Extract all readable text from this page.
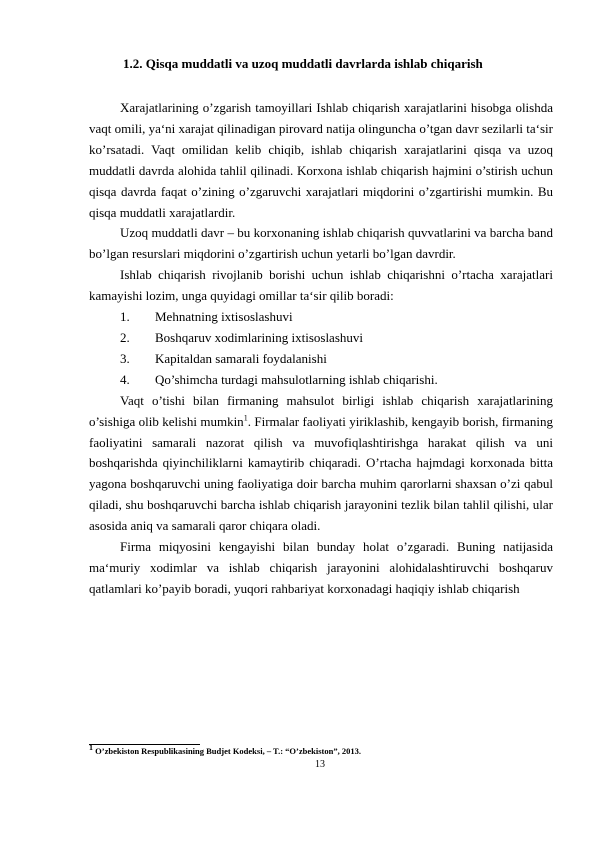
1.2. Qisqa muddatli va uzoq muddatli davrlarda ishlab chiqarish

Xarajatlarining o’zgarish tamoyillari Ishlab chiqarish xarajatlarini hisobga olishda vaqt omili, ya‘ni xarajat qilinadigan pirovard natija olinguncha o’tgan davr sezilarli ta‘sir ko’rsatadi. Vaqt omilidan kelib chiqib, ishlab chiqarish xarajatlarini qisqa va uzoq muddatli davrda alohida tahlil qilinadi. Korxona ishlab chiqarish hajmini o’stirish uchun qisqa davrda faqat o’zining o’zgaruvchi xarajatlari miqdorini o’zgartirishi mumkin. Bu qisqa muddatli xarajatlardir.

Uzoq muddatli davr – bu korxonaning ishlab chiqarish quvvatlarini va barcha band bo’lgan resurslari miqdorini o’zgartirish uchun yetarli bo’lgan davrdir.

Ishlab chiqarish rivojlanib borishi uchun ishlab chiqarishni o’rtacha xarajatlari kamayishi lozim, unga quyidagi omillar ta‘sir qilib boradi:

1. Mehnatning ixtisoslashuvi
2. Boshqaruv xodimlarining ixtisoslashuvi
3. Kapitaldan samarali foydalanishi
4. Qo’shimcha turdagi mahsulotlarning ishlab chiqarishi.

Vaqt o’tishi bilan firmaning mahsulot birligi ishlab chiqarish xarajatlarining o’sishiga olib kelishi mumkin$^1$. Firmalar faoliyati yiriklashib, kengayib borish, firmaning faoliyatini samarali nazorat qilish va muvofiqlashtirishga harakat qilish va uni boshqarishda qiyinchiliklarni kamaytirib chiqaradi. O’rtacha hajmdagi korxonada bitta yagona boshqaruvchi uning faoliyatiga doir barcha muhim qarorlarni shaxsan o’zi qabul qiladi, shu boshqaruvchi barcha ishlab chiqarish jarayonini tezlik bilan tahlil qilishi, ular asosida aniq va samarali qaror chiqara oladi.

Firma miqyosini kengayishi bilan bunday holat o’zgaradi. Buning natijasida ma‘muriy xodimlar va ishlab chiqarish jarayonini alohidalashtiruvchi boshqaruv qatlamlari ko’payib boradi, yuqori rahbariyat korxonadagi haqiqiy ishlab chiqarish

$^1$ O’zbekiston Respublikasining Budjet Kodeksi, – T.: “O’zbekiston”, 2013.
13
